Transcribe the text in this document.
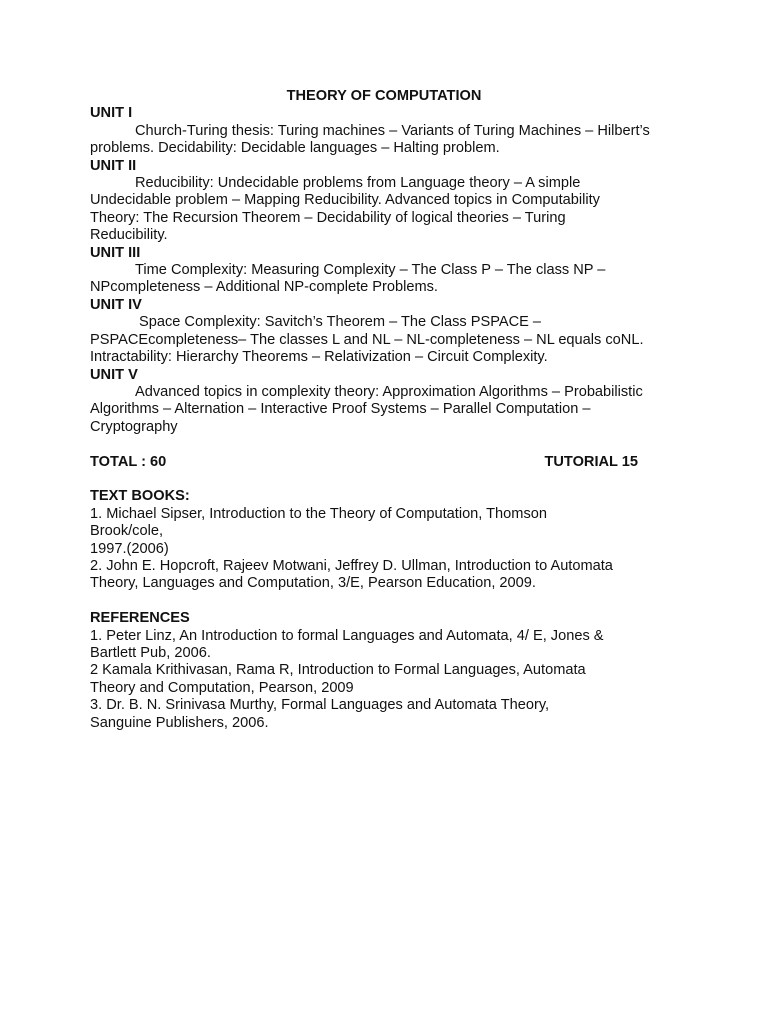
THEORY OF COMPUTATION
UNIT I
Church-Turing thesis: Turing machines – Variants of Turing Machines – Hilbert’s
problems. Decidability: Decidable languages – Halting problem.
UNIT II
Reducibility: Undecidable problems from Language theory – A simple
Undecidable problem – Mapping Reducibility. Advanced topics in Computability
Theory: The Recursion Theorem – Decidability of logical theories – Turing
Reducibility.
UNIT III
Time Complexity: Measuring Complexity – The Class P – The class NP –
NPcompleteness – Additional NP-complete Problems.
UNIT IV
Space Complexity: Savitch’s Theorem – The Class PSPACE –
PSPACEcompleteness– The classes L and NL – NL-completeness – NL equals coNL.
Intractability: Hierarchy Theorems – Relativization – Circuit Complexity.
UNIT V
Advanced topics in complexity theory: Approximation Algorithms – Probabilistic
Algorithms – Alternation – Interactive Proof Systems – Parallel Computation –
Cryptography
TOTAL : 60	TUTORIAL 15
TEXT BOOKS:
1. Michael Sipser, Introduction to the Theory of Computation, Thomson
Brook/cole,
1997.(2006)
2. John E. Hopcroft, Rajeev Motwani, Jeffrey D. Ullman, Introduction to Automata
Theory, Languages and Computation, 3/E, Pearson Education, 2009.
REFERENCES
1. Peter Linz, An Introduction to formal Languages and Automata, 4/ E, Jones &
Bartlett Pub, 2006.
2 Kamala Krithivasan, Rama R, Introduction to Formal Languages, Automata
Theory and Computation, Pearson, 2009
3. Dr. B. N. Srinivasa Murthy, Formal Languages and Automata Theory,
Sanguine Publishers, 2006.
